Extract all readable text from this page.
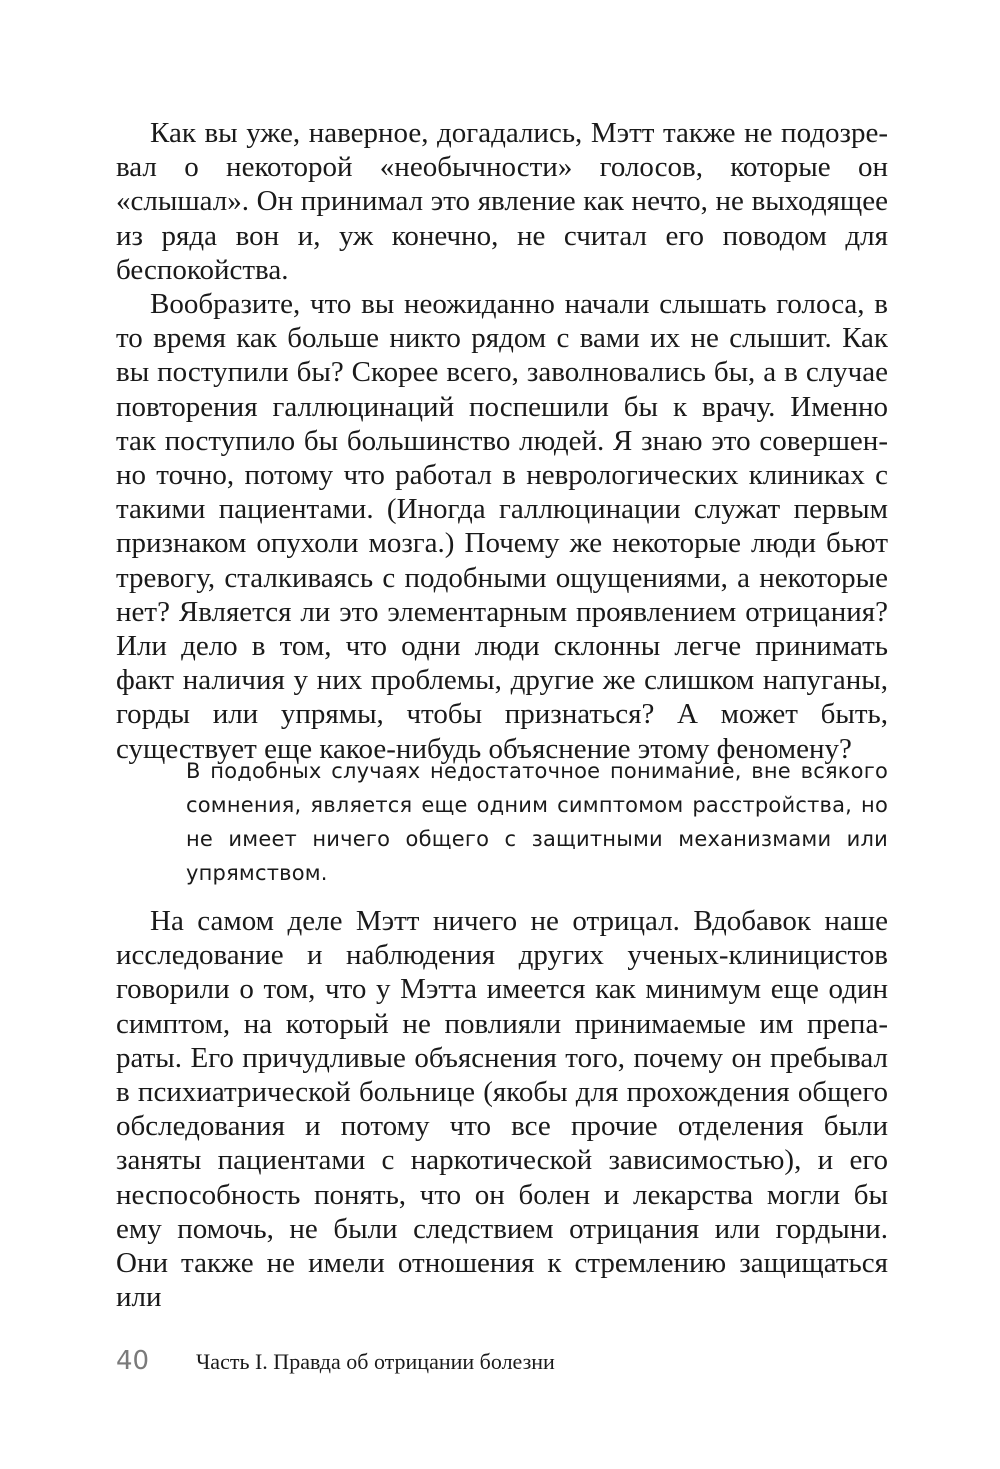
Как вы уже, наверное, догадались, Мэтт также не подозревал о некоторой «необычности» голосов, которые он «слышал». Он принимал это явление как нечто, не выходящее из ряда вон и, уж конечно, не считал его поводом для беспокойства.

Вообразите, что вы неожиданно начали слышать голоса, в то время как больше никто рядом с вами их не слышит. Как вы поступили бы? Скорее всего, заволновались бы, а в случае повторения галлюцинаций поспешили бы к врачу. Именно так поступило бы большинство людей. Я знаю это совершенно точно, потому что работал в неврологических клиниках с такими пациентами. (Иногда галлюцинации служат первым признаком опухоли мозга.) Почему же некоторые люди бьют тревогу, сталкиваясь с подобными ощущениями, а некоторые нет? Является ли это элементарным проявлением отрицания? Или дело в том, что одни люди склонны легче принимать факт наличия у них проблемы, другие же слишком напуганы, горды или упрямы, чтобы признаться? А может быть, существует еще какое-нибудь объяснение этому феномену?

В подобных случаях недостаточное понимание, вне всякого сомнения, является еще одним симптомом расстройства, но не имеет ничего общего с защитными механизмами или упрямством.

На самом деле Мэтт ничего не отрицал. Вдобавок наше исследование и наблюдения других ученых-клиницистов говорили о том, что у Мэтта имеется как минимум еще один симптом, на который не повлияли принимаемые им препараты. Его причудливые объяснения того, почему он пребывал в психиатрической больнице (якобы для прохождения общего обследования и потому что все прочие отделения были заняты пациентами с наркотической зависимостью), и его неспособность понять, что он болен и лекарства могли бы ему помочь, не были следствием отрицания или гордыни. Они также не имели отношения к стремлению защищаться или

40	Часть I. Правда об отрицании болезни
